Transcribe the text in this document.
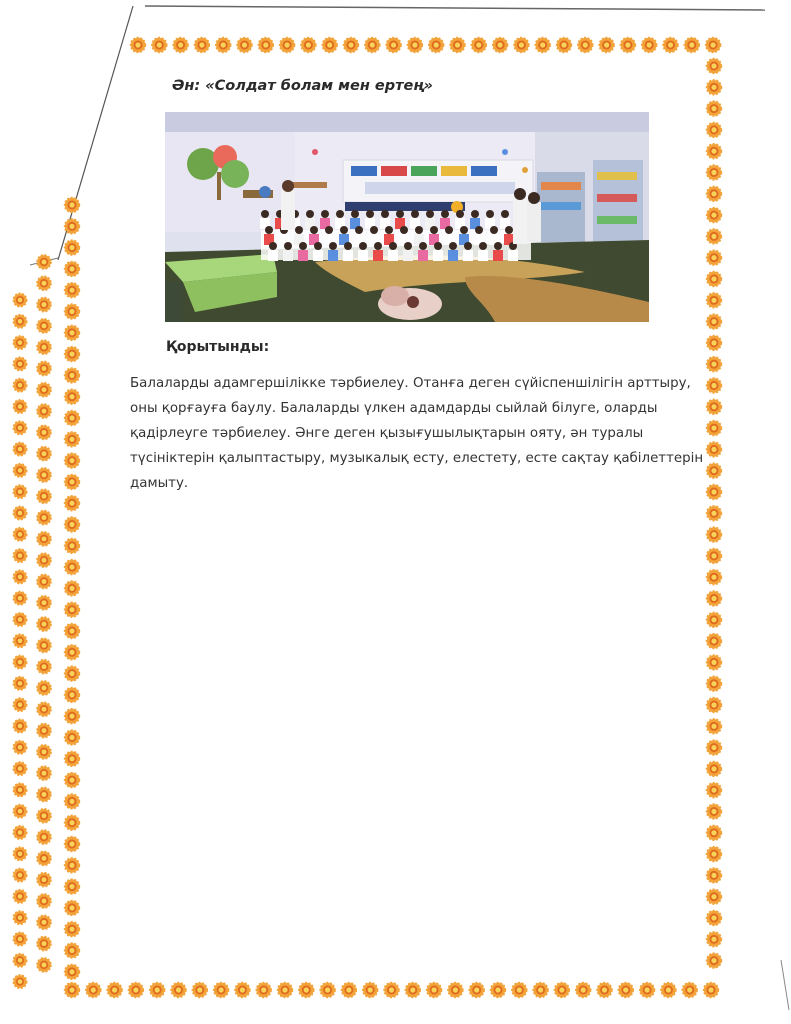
Ән: «Солдат болам мен ертең»

Қорытынды:

Балаларды адамгершілікке тәрбиелеу. Отанға деген сүйіспеншілігін арттыру, оны қорғауға баулу. Балаларды үлкен адамдарды сыйлай білуге, оларды қадірлеуге тәрбиелеу. Әнге деген қызығушылықтарын ояту, ән туралы түсініктерін қалыптастыру, музыкалық есту, елестету, есте сақтау қабілеттерін дамыту.
